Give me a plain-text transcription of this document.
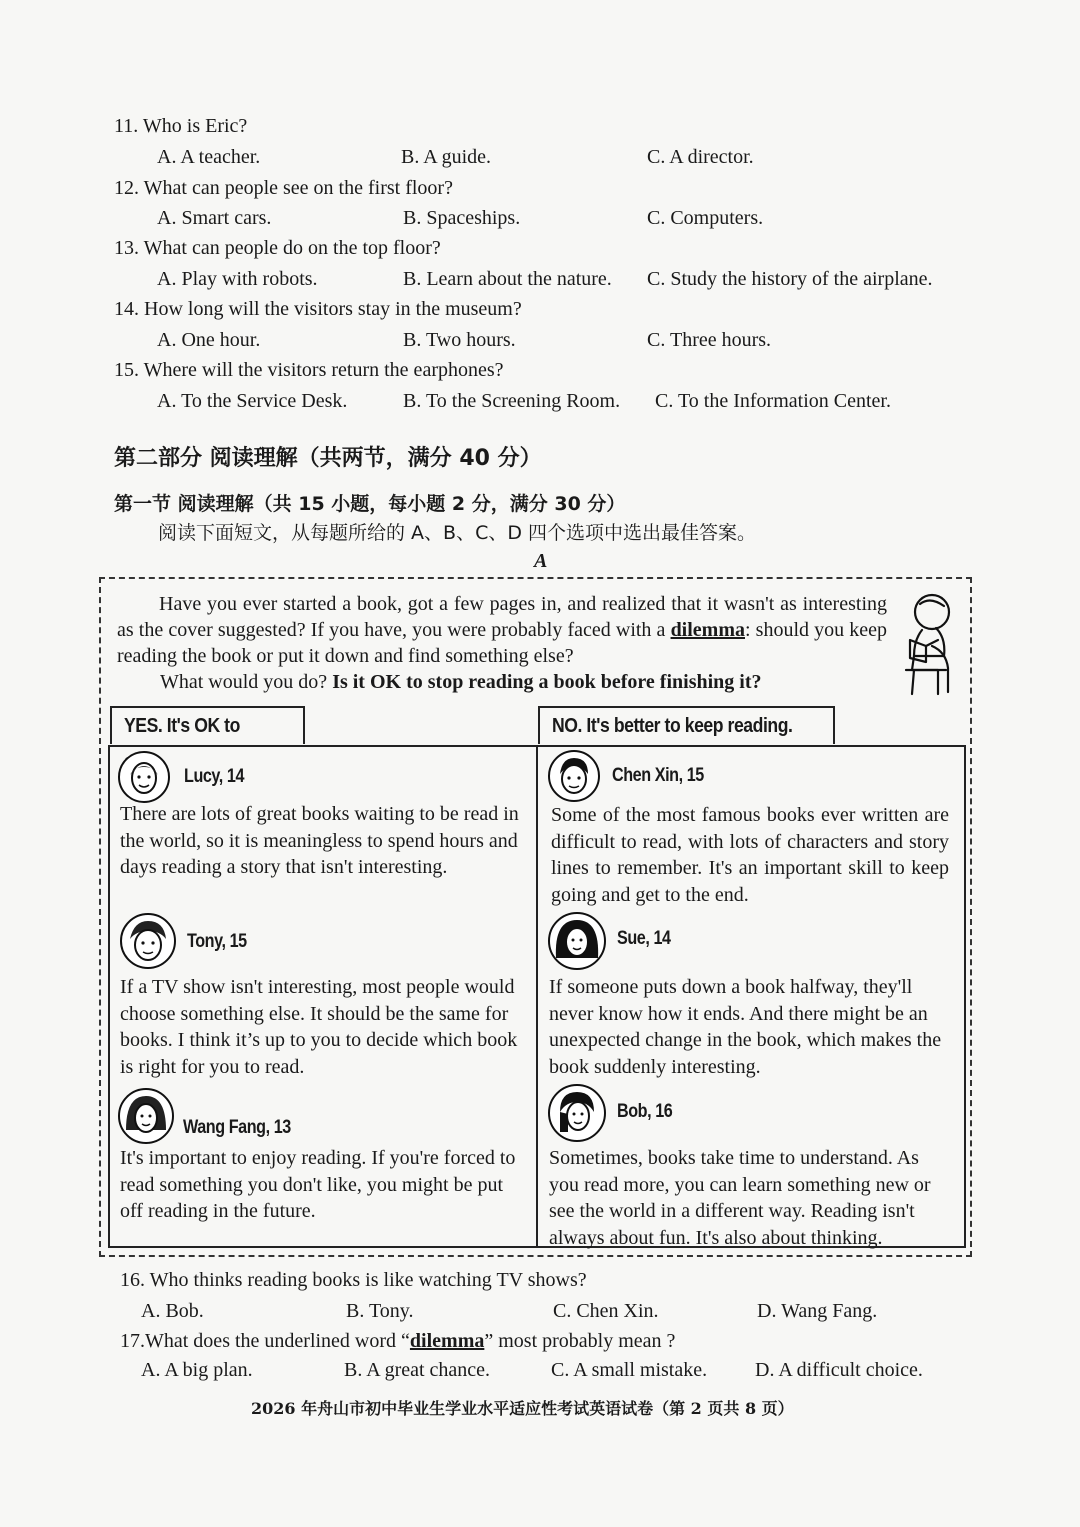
11. Who is Eric?
A. A teacher.	B. A guide.	C. A director.
12. What can people see on the first floor?
A. Smart cars.	B. Spaceships.	C. Computers.
13. What can people do on the top floor?
A. Play with robots.	B. Learn about the nature. C. Study the history of the airplane.
14. How long will the visitors stay in the museum?
A. One hour.	B. Two hours.	C. Three hours.
15. Where will the visitors return the earphones?
A. To the Service Desk.	B. To the Screening Room. C. To the Information Center.
第二部分 阅读理解（共两节，满分 40 分）
第一节 阅读理解（共 15 小题，每小题 2 分，满分 30 分）
阅读下面短文，从每题所给的 A、B、C、D 四个选项中选出最佳答案。
A
Have you ever started a book, got a few pages in, and realized that it wasn't as interesting as the cover suggested? If you have, you were probably faced with a dilemma: should you keep reading the book or put it down and find something else?
What would you do? Is it OK to stop reading a book before finishing it?
YES. It's OK to	NO. It's better to keep reading.
Lucy, 14
There are lots of great books waiting to be read in the world, so it is meaningless to spend hours and days reading a story that isn't interesting.
Tony, 15
If a TV show isn't interesting, most people would choose something else. It should be the same for books. I think it’s up to you to decide which book is right for you to read.
Wang Fang, 13
It's important to enjoy reading. If you're forced to read something you don't like, you might be put off reading in the future.
Chen Xin, 15
Some of the most famous books ever written are difficult to read, with lots of characters and story lines to remember. It's an important skill to keep going and get to the end.
Sue, 14
If someone puts down a book halfway, they'll never know how it ends. And there might be an unexpected change in the book, which makes the book suddenly interesting.
Bob, 16
Sometimes, books take time to understand. As you read more, you can learn something new or see the world in a different way. Reading isn't always about fun. It's also about thinking.
16. Who thinks reading books is like watching TV shows?
A. Bob.	B. Tony.	C. Chen Xin.	D. Wang Fang.
17.What does the underlined word “dilemma” most probably mean ?
A. A big plan.	B. A great chance.	C. A small mistake. D. A difficult choice.
2026 年舟山市初中毕业生学业水平适应性考试英语试卷（第 2 页共 8 页）
